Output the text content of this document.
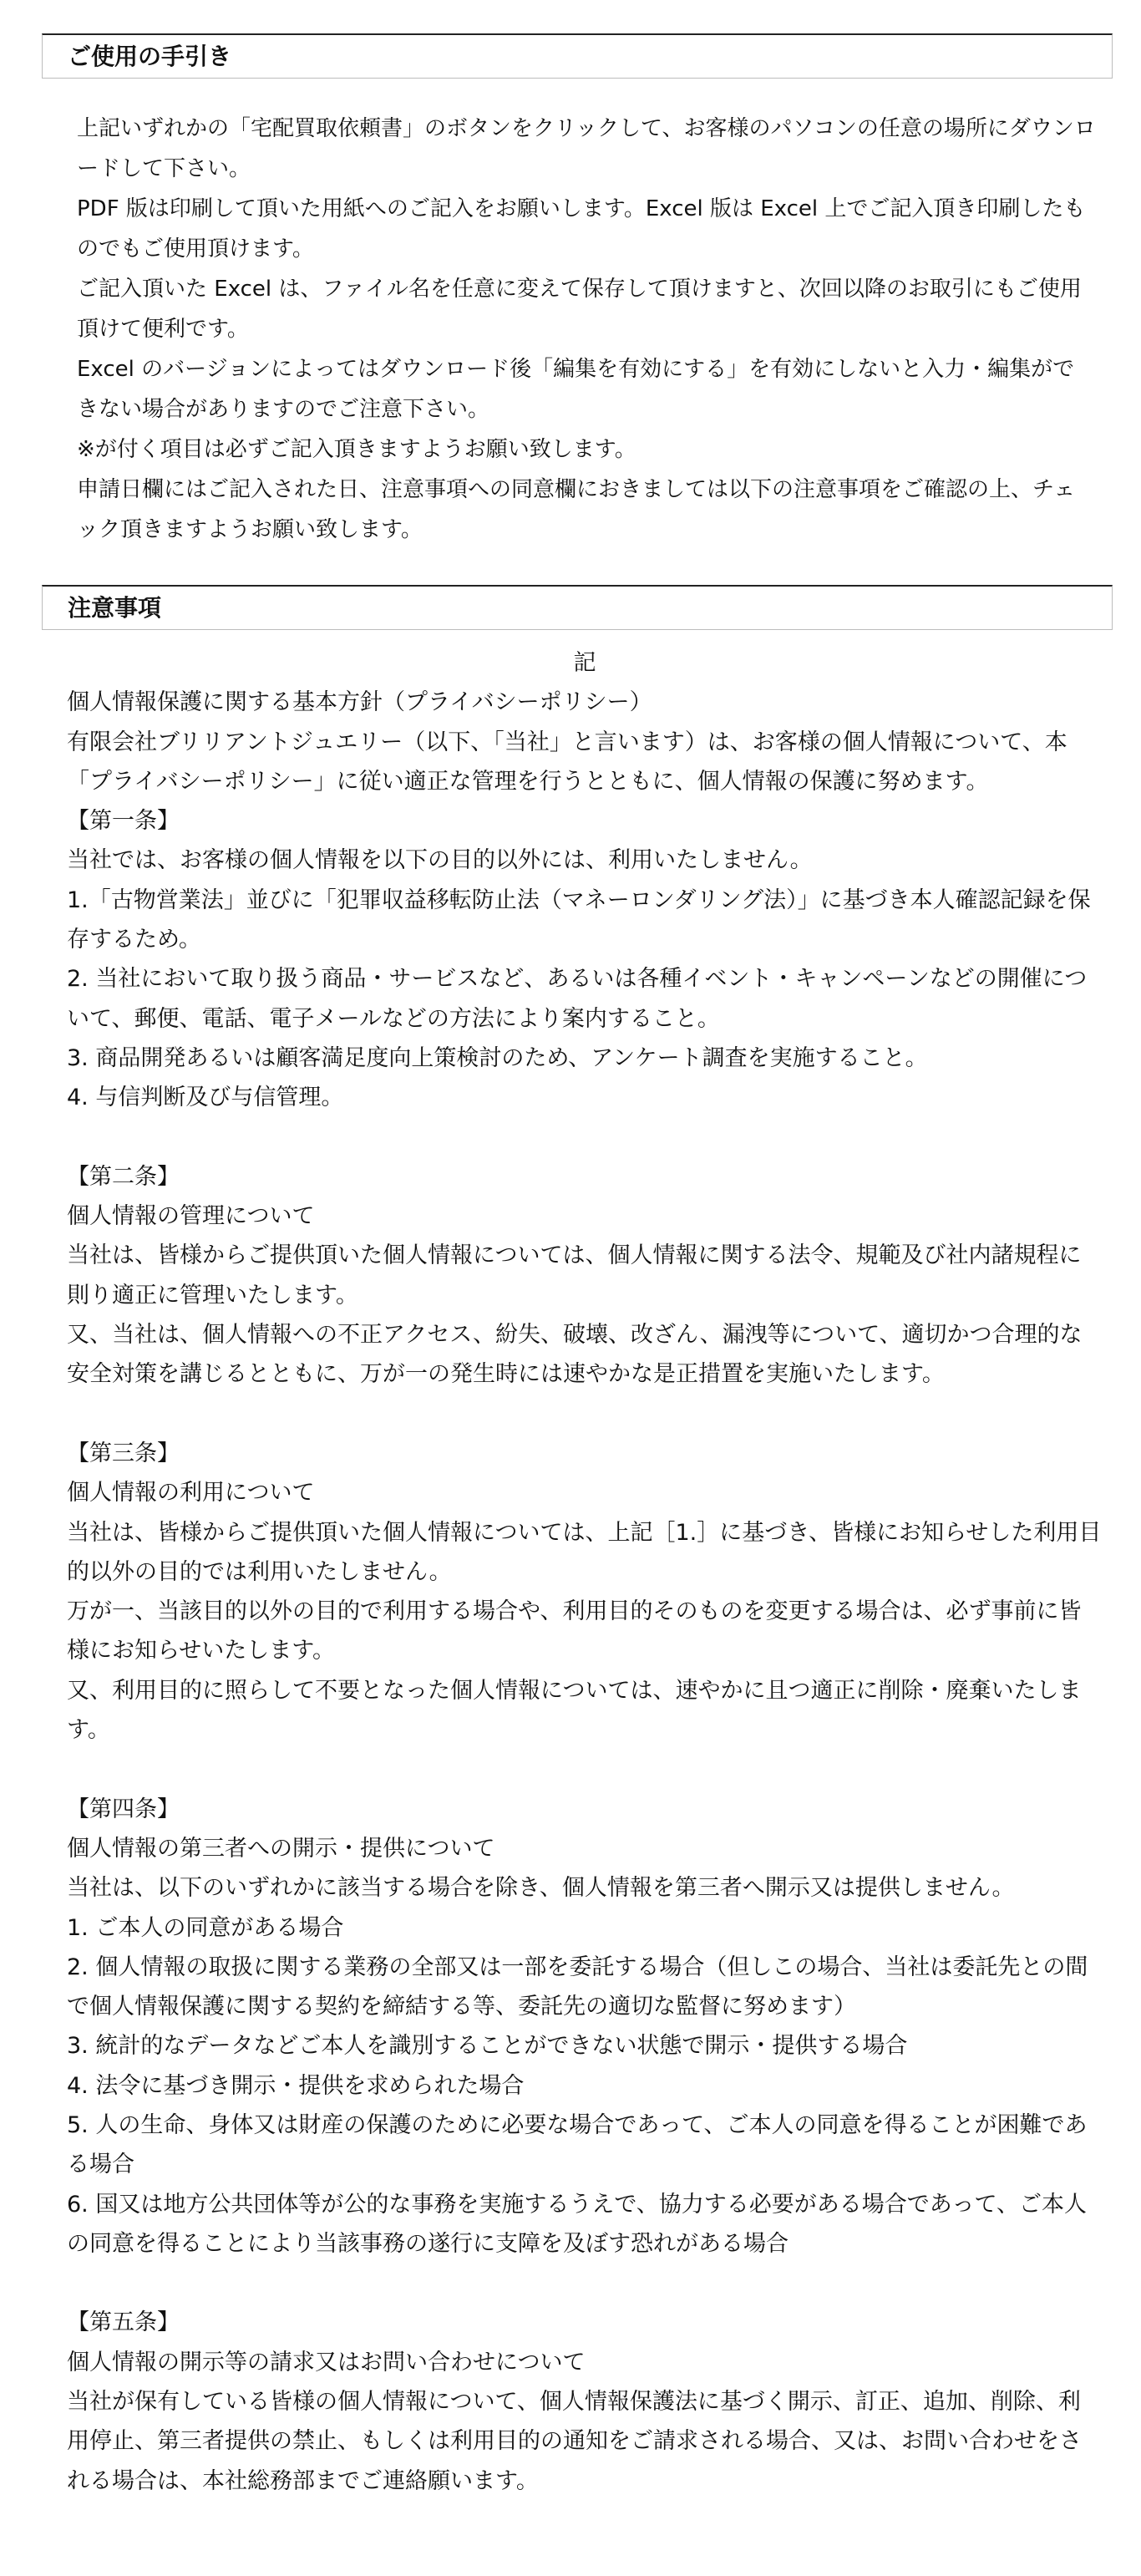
ご使用の手引き

上記いずれかの「宅配買取依頼書」のボタンをクリックして、お客様のパソコンの任意の場所にダウンロードして下さい。

PDF 版は印刷して頂いた用紙へのご記入をお願いします。Excel 版は Excel 上でご記入頂き印刷したものでもご使用頂けます。

ご記入頂いた Excel は、ファイル名を任意に変えて保存して頂けますと、次回以降のお取引にもご使用頂けて便利です。

Excel のバージョンによってはダウンロード後「編集を有効にする」を有効にしないと入力・編集ができない場合がありますのでご注意下さい。

※が付く項目は必ずご記入頂きますようお願い致します。

申請日欄にはご記入された日、注意事項への同意欄におきましては以下の注意事項をご確認の上、チェック頂きますようお願い致します。

注意事項

記

個人情報保護に関する基本方針（プライバシーポリシー）

有限会社ブリリアントジュエリー（以下、「当社」と言います）は、お客様の個人情報について、本「プライバシーポリシー」に従い適正な管理を行うとともに、個人情報の保護に努めます。

【第一条】

当社では、お客様の個人情報を以下の目的以外には、利用いたしません。

1.「古物営業法」並びに「犯罪収益移転防止法（マネーロンダリング法）」に基づき本人確認記録を保存するため。

2. 当社において取り扱う商品・サービスなど、あるいは各種イベント・キャンペーンなどの開催について、郵便、電話、電子メールなどの方法により案内すること。

3. 商品開発あるいは顧客満足度向上策検討のため、アンケート調査を実施すること。

4. 与信判断及び与信管理。

【第二条】

個人情報の管理について

当社は、皆様からご提供頂いた個人情報については、個人情報に関する法令、規範及び社内諸規程に則り適正に管理いたします。

又、当社は、個人情報への不正アクセス、紛失、破壊、改ざん、漏洩等について、適切かつ合理的な安全対策を講じるとともに、万が一の発生時には速やかな是正措置を実施いたします。

【第三条】

個人情報の利用について

当社は、皆様からご提供頂いた個人情報については、上記［1.］に基づき、皆様にお知らせした利用目的以外の目的では利用いたしません。

万が一、当該目的以外の目的で利用する場合や、利用目的そのものを変更する場合は、必ず事前に皆様にお知らせいたします。

又、利用目的に照らして不要となった個人情報については、速やかに且つ適正に削除・廃棄いたします。

【第四条】

個人情報の第三者への開示・提供について

当社は、以下のいずれかに該当する場合を除き、個人情報を第三者へ開示又は提供しません。

1. ご本人の同意がある場合

2. 個人情報の取扱に関する業務の全部又は一部を委託する場合（但しこの場合、当社は委託先との間で個人情報保護に関する契約を締結する等、委託先の適切な監督に努めます）

3. 統計的なデータなどご本人を識別することができない状態で開示・提供する場合

4. 法令に基づき開示・提供を求められた場合

5. 人の生命、身体又は財産の保護のために必要な場合であって、ご本人の同意を得ることが困難である場合

6. 国又は地方公共団体等が公的な事務を実施するうえで、協力する必要がある場合であって、ご本人の同意を得ることにより当該事務の遂行に支障を及ぼす恐れがある場合

【第五条】

個人情報の開示等の請求又はお問い合わせについて

当社が保有している皆様の個人情報について、個人情報保護法に基づく開示、訂正、追加、削除、利用停止、第三者提供の禁止、もしくは利用目的の通知をご請求される場合、又は、お問い合わせをされる場合は、本社総務部までご連絡願います。
